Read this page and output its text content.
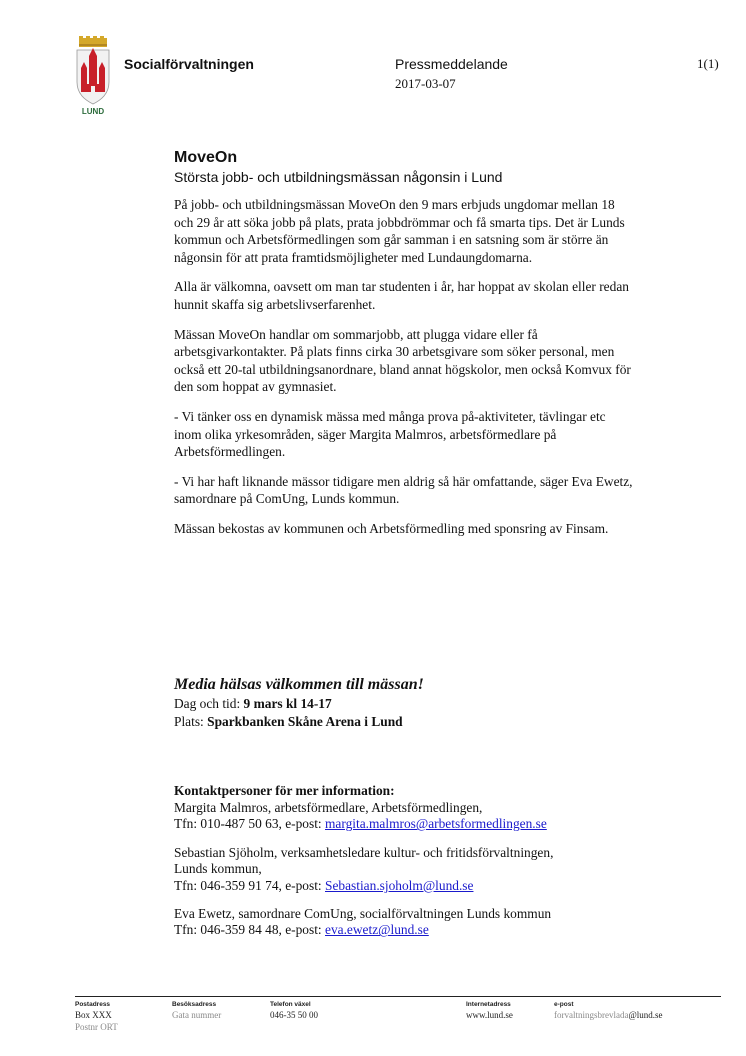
LUND
Socialförvaltningen	Pressmeddelande
2017-03-07
1(1)
MoveOn
Största jobb- och utbildningsmässan någonsin i Lund

På jobb- och utbildningsmässan MoveOn den 9 mars erbjuds ungdomar mellan 18 och 29 år att söka jobb på plats, prata jobbdrömmar och få smarta tips. Det är Lunds kommun och Arbetsförmedlingen som går samman i en satsning som är större än någonsin för att prata framtidsmöjligheter med Lundaungdomarna.

Alla är välkomna, oavsett om man tar studenten i år, har hoppat av skolan eller redan hunnit skaffa sig arbetslivserfarenhet.

Mässan MoveOn handlar om sommarjobb, att plugga vidare eller få arbetsgivarkontakter. På plats finns cirka 30 arbetsgivare som söker personal, men också ett 20-tal utbildningsanordnare, bland annat högskolor, men också Komvux för den som hoppat av gymnasiet.

- Vi tänker oss en dynamisk mässa med många prova på-aktiviteter, tävlingar etc inom olika yrkesområden, säger Margita Malmros, arbetsförmedlare på Arbetsförmedlingen.

- Vi har haft liknande mässor tidigare men aldrig så här omfattande, säger Eva Ewetz, samordnare på ComUng, Lunds kommun.

Mässan bekostas av kommunen och Arbetsförmedling med sponsring av Finsam.

Media hälsas välkommen till mässan!
Dag och tid: 9 mars kl 14-17
Plats: Sparkbanken Skåne Arena i Lund
Kontaktpersoner för mer information:
Margita Malmros, arbetsförmedlare, Arbetsförmedlingen,
Tfn: 010-487 50 63, e-post: margita.malmros@arbetsformedlingen.se
Sebastian Sjöholm, verksamhetsledare kultur- och fritidsförvaltningen,
Lunds kommun,
Tfn: 046-359 91 74, e-post: Sebastian.sjoholm@lund.se
Eva Ewetz, samordnare ComUng, socialförvaltningen Lunds kommun
Tfn: 046-359 84 48, e-post: eva.ewetz@lund.se
Postadress
Box XXX
Postnr ORT
Besöksadress
Gata nummer
Telefon växel
046-35 50 00
Internetadress
www.lund.se
e-post
forvaltningsbrevlada@lund.se
